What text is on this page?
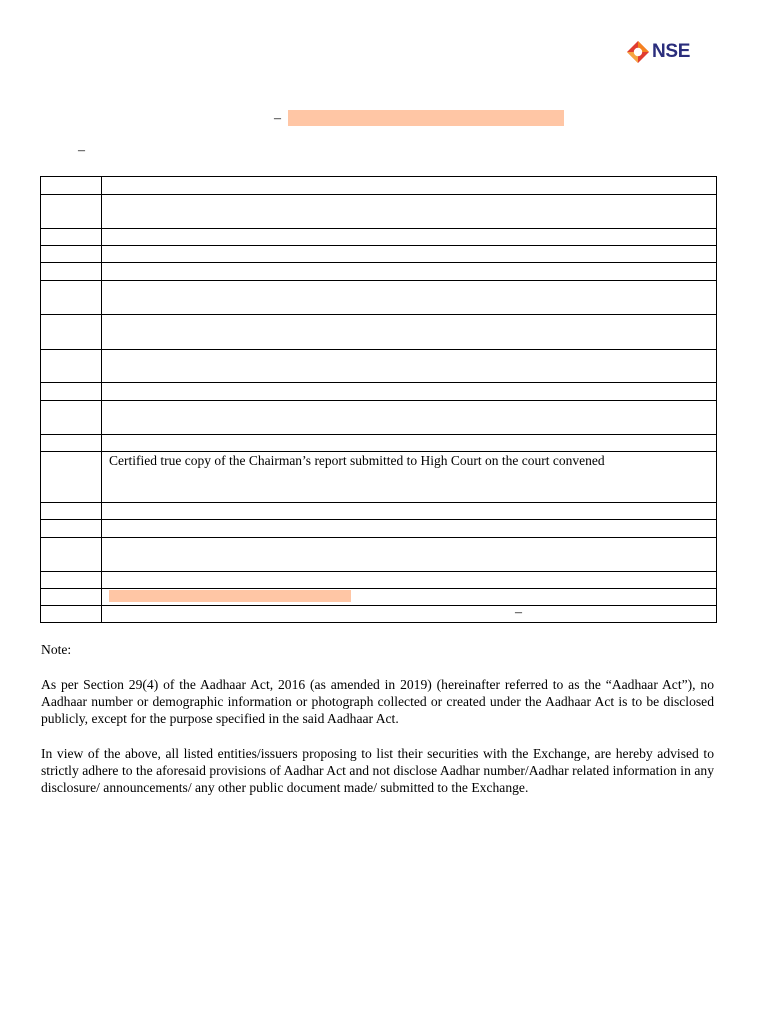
NSE
–
–

	Certified true copy of the Chairman’s report submitted to High Court on the court convened

	–

Note:

As per Section 29(4) of the Aadhaar Act, 2016 (as amended in 2019) (hereinafter referred to as the “Aadhaar Act”), no Aadhaar number or demographic information or photograph collected or created under the Aadhaar Act is to be disclosed publicly, except for the purpose specified in the said Aadhaar Act.

In view of the above, all listed entities/issuers proposing to list their securities with the Exchange, are hereby advised to strictly adhere to the aforesaid provisions of Aadhar Act and not disclose Aadhar number/Aadhar related information in any disclosure/ announcements/ any other public document made/ submitted to the Exchange.
